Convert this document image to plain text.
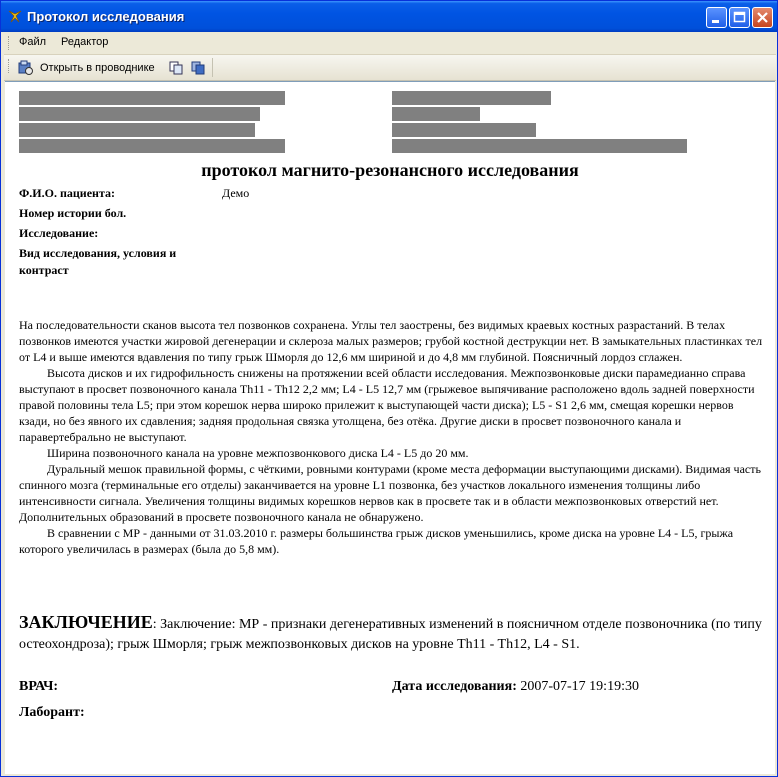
Протокол исследования
Файл Редактор
Открыть в проводнике
протокол магнито-резонансного исследования
Ф.И.О. пациента:	Демо
Номер истории бол.
Исследование:
Вид исследования, условия и
контраст

На последовательности сканов высота тел позвонков сохранена. Углы тел заострены, без видимых краевых костных разрастаний. В телах позвонков имеются участки жировой дегенерации и склероза малых размеров; грубой костной деструкции нет. В замыкательных пластинках тел от L4 и выше имеются вдавления по типу грыж Шморля до 12,6 мм шириной и до 4,8 мм глубиной. Поясничный лордоз сглажен.

Высота дисков и их гидрофильность снижены на протяжении всей области исследования. Межпозвонковые диски парамедианно справа выступают в просвет позвоночного канала Th11 - Th12 2,2 мм; L4 - L5 12,7 мм (грыжевое выпячивание расположено вдоль задней поверхности правой половины тела L5; при этом корешок нерва широко прилежит к выступающей части диска); L5 - S1 2,6 мм, смещая корешки нервов кзади, но без явного их сдавления; задняя продольная связка утолщена, без отёка. Другие диски в просвет позвоночного канала и паравертебрально не выступают.

Ширина позвоночного канала на уровне межпозвонкового диска L4 - L5 до 20 мм.

Дуральный мешок правильной формы, с чёткими, ровными контурами (кроме места деформации выступающими дисками). Видимая часть спинного мозга (терминальные его отделы) заканчивается на уровне L1 позвонка, без участков локального изменения толщины либо интенсивности сигнала. Увеличения толщины видимых корешков нервов как в просвете так и в области межпозвонковых отверстий нет. Дополнительных образований в просвете позвоночного канала не обнаружено.

В сравнении с МР - данными от 31.03.2010 г. размеры большинства грыж дисков уменьшились, кроме диска на уровне L4 - L5, грыжа которого увеличилась в размерах (была до 5,8 мм).

ЗАКЛЮЧЕНИЕ: Заключение: МР - признаки дегенеративных изменений в поясничном отделе позвоночника (по типу остеохондроза); грыж Шморля; грыж межпозвонковых дисков на уровне Th11 - Th12, L4 - S1.
ВРАЧ:	Дата исследования: 2007-07-17 19:19:30
Лаборант:
